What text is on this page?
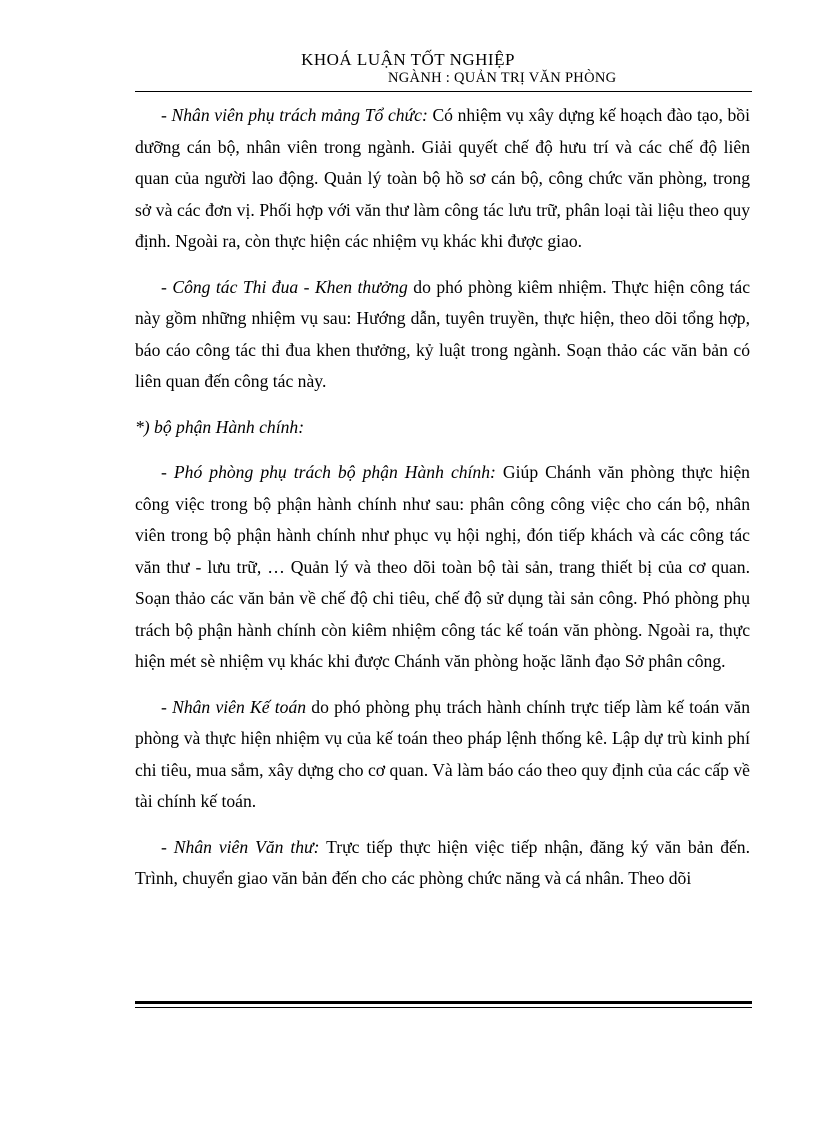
KHOÁ LUẬN TỐT NGHIỆP
NGÀNH : QUẢN TRỊ VĂN PHÒNG

- Nhân viên phụ trách mảng Tổ chức: Có nhiệm vụ xây dựng kế hoạch đào tạo, bồi dưỡng cán bộ, nhân viên trong ngành. Giải quyết chế độ hưu trí và các chế độ liên quan của người lao động. Quản lý toàn bộ hồ sơ cán bộ, công chức văn phòng, trong sở và các đơn vị. Phối hợp với văn thư làm công tác lưu trữ, phân loại tài liệu theo quy định. Ngoài ra, còn thực hiện các nhiệm vụ khác khi được giao.

- Công tác Thi đua - Khen thưởng do phó phòng kiêm nhiệm. Thực hiện công tác này gồm những nhiệm vụ sau: Hướng dẫn, tuyên truyền, thực hiện, theo dõi tổng hợp, báo cáo công tác thi đua khen thưởng, kỷ luật trong ngành. Soạn thảo các văn bản có liên quan đến công tác này.

*) bộ phận Hành chính:

- Phó phòng phụ trách bộ phận Hành chính: Giúp Chánh văn phòng thực hiện công việc trong bộ phận hành chính như sau: phân công công việc cho cán bộ, nhân viên trong bộ phận hành chính như phục vụ hội nghị, đón tiếp khách và các công tác văn thư - lưu trữ, … Quản lý và theo dõi toàn bộ tài sản, trang thiết bị của cơ quan. Soạn thảo các văn bản về chế độ chi tiêu, chế độ sử dụng tài sản công. Phó phòng phụ trách bộ phận hành chính còn kiêm nhiệm công tác kế toán văn phòng. Ngoài ra, thực hiện mét sè nhiệm vụ khác khi được Chánh văn phòng hoặc lãnh đạo Sở phân công.

- Nhân viên Kế toán do phó phòng phụ trách hành chính trực tiếp làm kế toán văn phòng và thực hiện nhiệm vụ của kế toán theo pháp lệnh thống kê. Lập dự trù kinh phí chi tiêu, mua sắm, xây dựng cho cơ quan. Và làm báo cáo theo quy định của các cấp về tài chính kế toán.

- Nhân viên Văn thư: Trực tiếp thực hiện việc tiếp nhận, đăng ký văn bản đến. Trình, chuyển giao văn bản đến cho các phòng chức năng và cá nhân. Theo dõi
